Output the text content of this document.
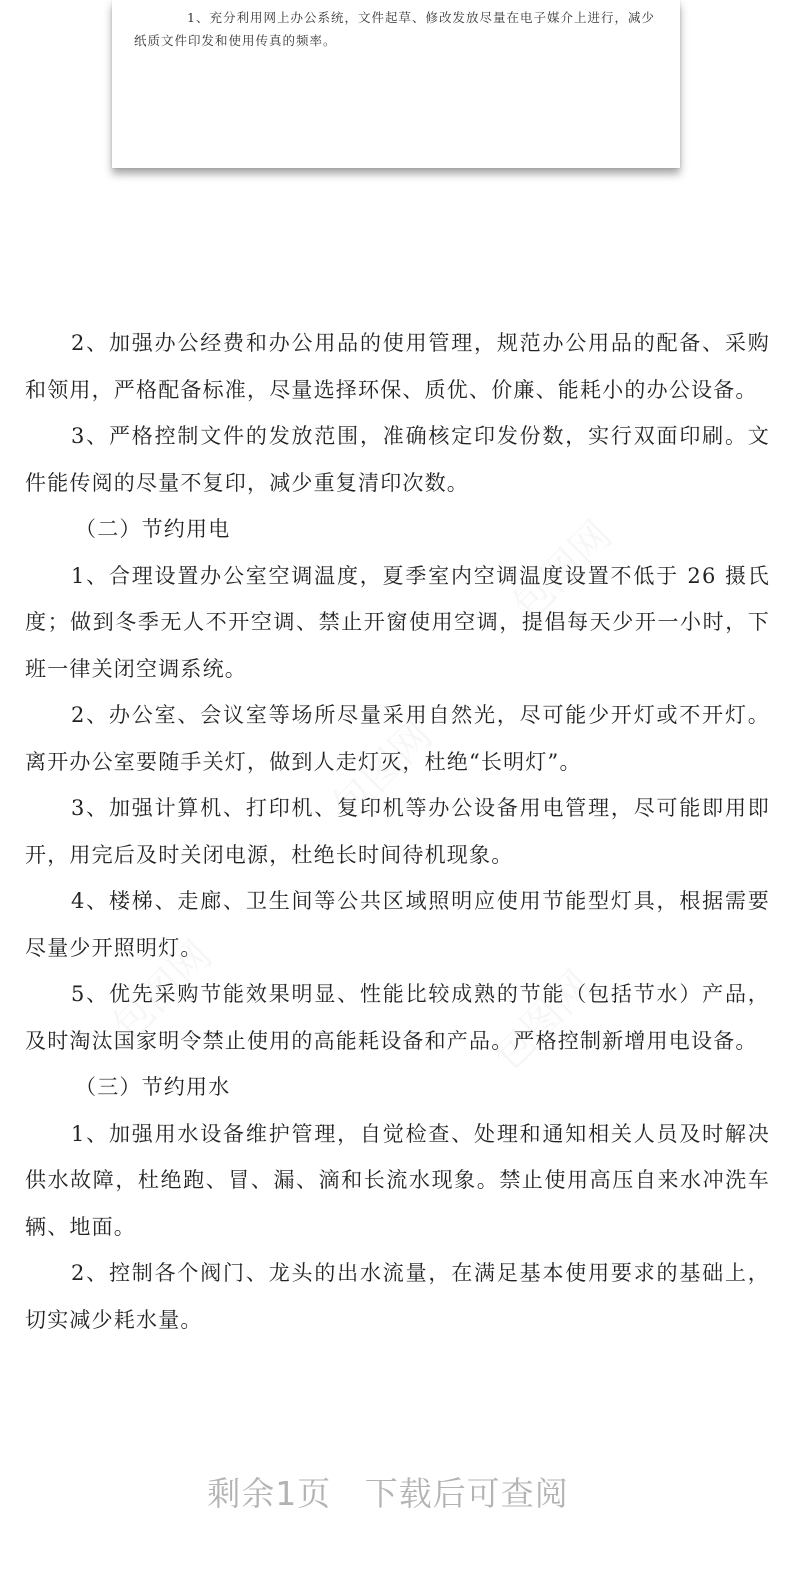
1、充分利用网上办公系统，文件起草、修改发放尽量在电子媒介上进行，减少纸质文件印发和使用传真的频率。

2、加强办公经费和办公用品的使用管理，规范办公用品的配备、采购和领用，严格配备标准，尽量选择环保、质优、价廉、能耗小的办公设备。

3、严格控制文件的发放范围，准确核定印发份数，实行双面印刷。文件能传阅的尽量不复印，减少重复清印次数。

（二）节约用电

1、合理设置办公室空调温度，夏季室内空调温度设置不低于 26 摄氏度；做到冬季无人不开空调、禁止开窗使用空调，提倡每天少开一小时，下班一律关闭空调系统。

2、办公室、会议室等场所尽量采用自然光，尽可能少开灯或不开灯。离开办公室要随手关灯，做到人走灯灭，杜绝“长明灯”。

3、加强计算机、打印机、复印机等办公设备用电管理，尽可能即用即开，用完后及时关闭电源，杜绝长时间待机现象。

4、楼梯、走廊、卫生间等公共区域照明应使用节能型灯具，根据需要尽量少开照明灯。

5、优先采购节能效果明显、性能比较成熟的节能（包括节水）产品，及时淘汰国家明令禁止使用的高能耗设备和产品。严格控制新增用电设备。

（三）节约用水

1、加强用水设备维护管理，自觉检查、处理和通知相关人员及时解决供水故障，杜绝跑、冒、漏、滴和长流水现象。禁止使用高压自来水冲洗车辆、地面。

2、控制各个阀门、龙头的出水流量，在满足基本使用要求的基础上，切实减少耗水量。

剩余1页 下载后可查阅
